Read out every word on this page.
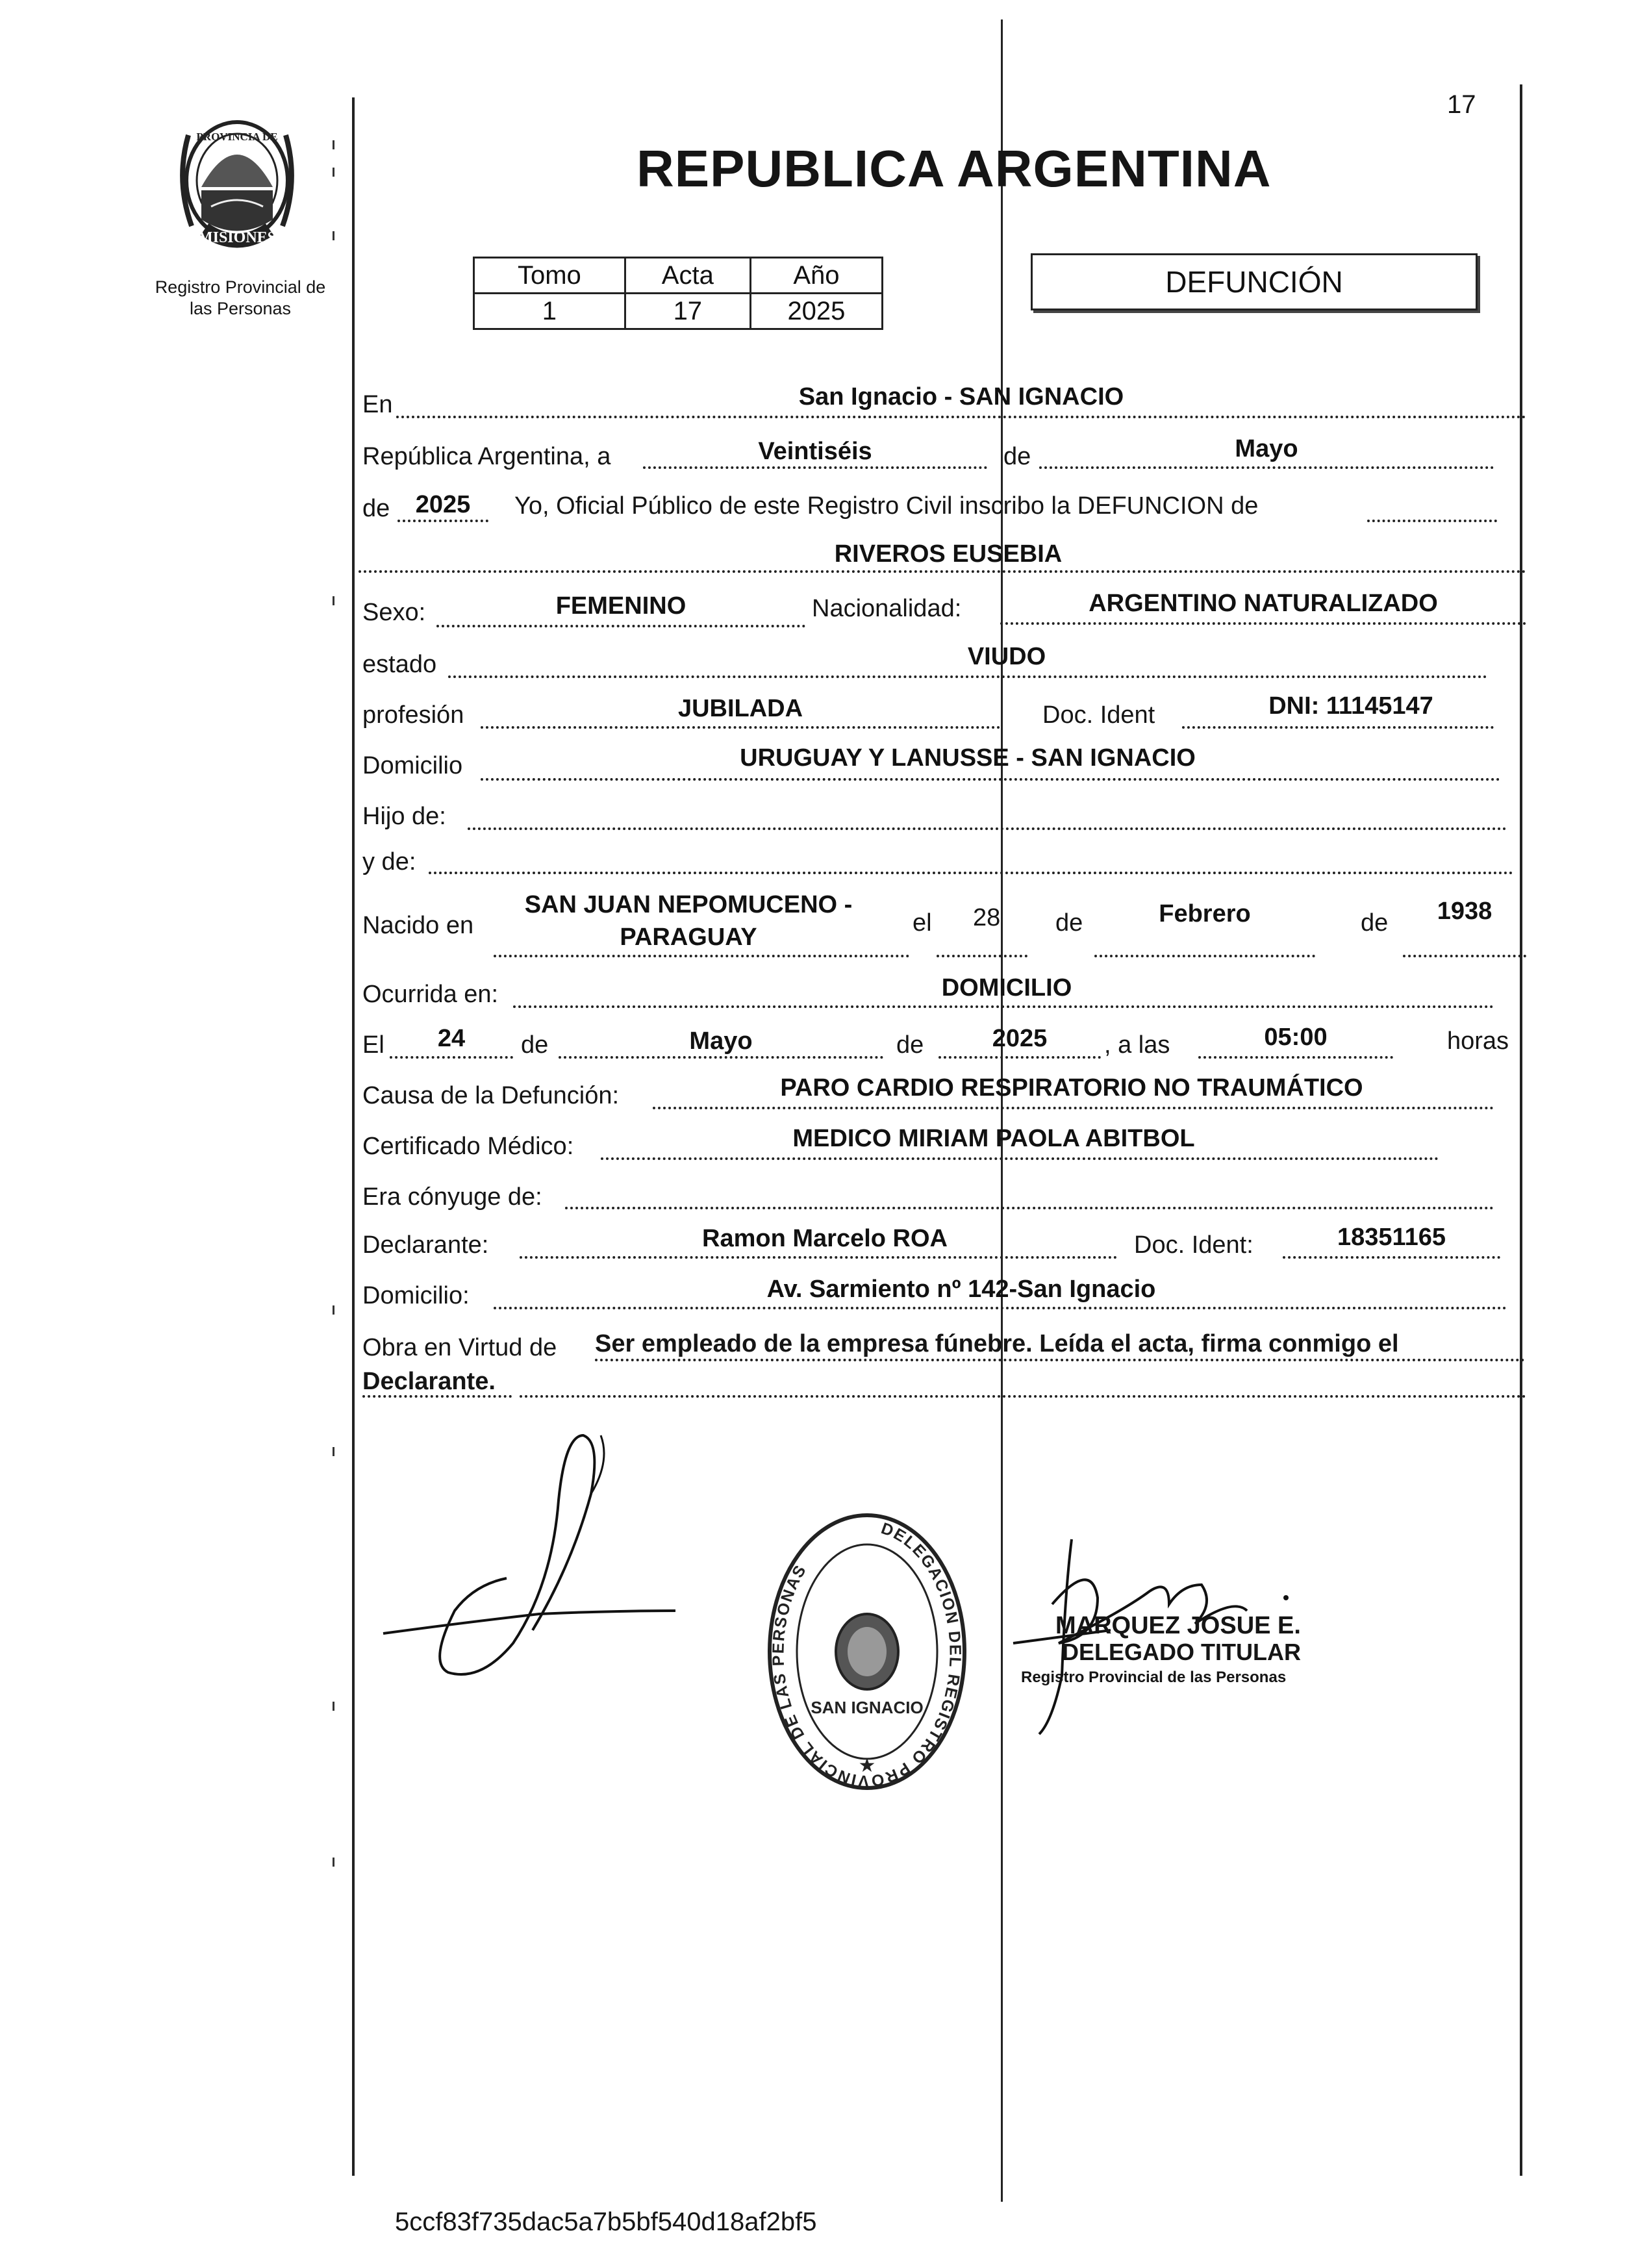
17
MISIONES
PROVINCIA DE
Registro Provincial de
las Personas
REPUBLICA ARGENTINA
Tomo	Acta	Año
1	17	2025
DEFUNCIÓN
En	San Ignacio - SAN IGNACIO
República Argentina, a	Veintiséis	de	Mayo
de	2025	Yo, Oficial Público de este Registro Civil inscribo la DEFUNCION de
RIVEROS EUSEBIA
Sexo:	FEMENINO	Nacionalidad:	ARGENTINO NATURALIZADO
estado	VIUDO
profesión	JUBILADA	Doc. Ident	DNI: 11145147
Domicilio	URUGUAY Y LANUSSE - SAN IGNACIO
Hijo de:
y de:
Nacido en
SAN JUAN NEPOMUCENO -
PARAGUAY
el 28 de	Febrero	de	1938
Ocurrida en:	DOMICILIO
El	24	de	Mayo	de	2025	, a las	05:00	horas
Causa de la Defunción:	PARO CARDIO RESPIRATORIO NO TRAUMÁTICO
Certificado Médico:	MEDICO MIRIAM PAOLA ABITBOL
Era cónyuge de:
Declarante:	Ramon Marcelo ROA	Doc. Ident:	18351165
Domicilio:	Av. Sarmiento nº 142-San Ignacio
Obra en Virtud de Ser empleado de la empresa fúnebre. Leída el acta, firma conmigo el
Declarante.
DELEGACION DEL REGISTRO PROVINCIAL DE LAS PERSONAS
SAN IGNACIO
★
MARQUEZ JOSUE E.
DELEGADO TITULAR
Registro Provincial de las Personas
5ccf83f735dac5a7b5bf540d18af2bf5
